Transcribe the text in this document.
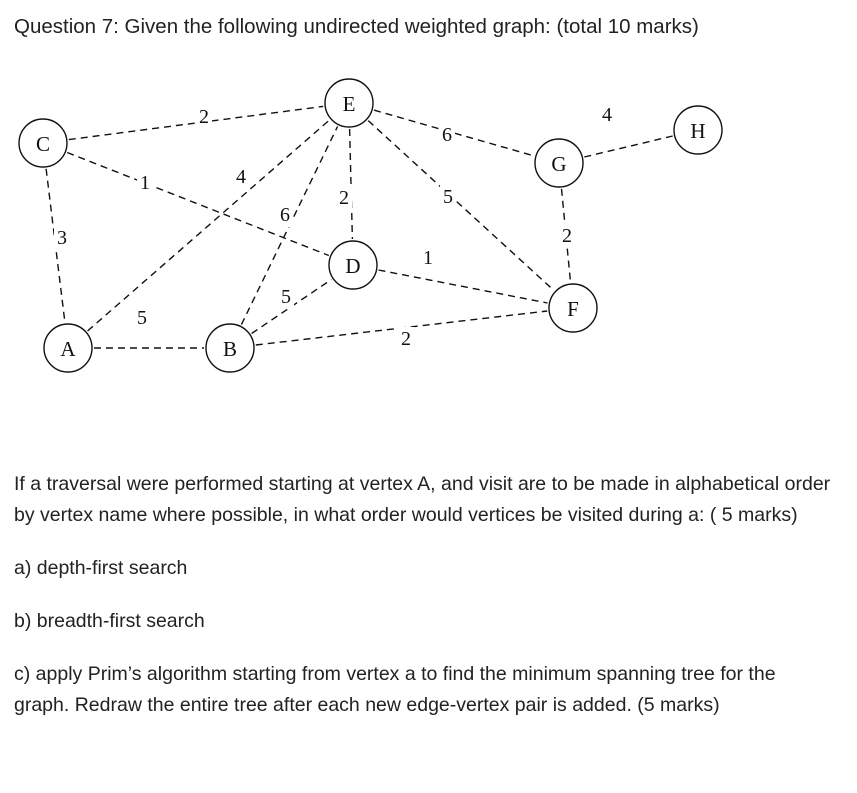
Question 7: Given the following undirected weighted graph: (total 10 marks)
2
3
1
5
4
5
2
2
6
5
1
4
2
6
C
A	B
E
D
G
F
H

If a traversal were performed starting at vertex A, and visit are to be made in alphabetical order by vertex name where possible, in what order would vertices be visited during a: ( 5 marks)

a) depth-first search

b) breadth-first search

c) apply Prim’s algorithm starting from vertex a to find the minimum spanning tree for the graph. Redraw the entire tree after each new edge-vertex pair is added. (5 marks)
